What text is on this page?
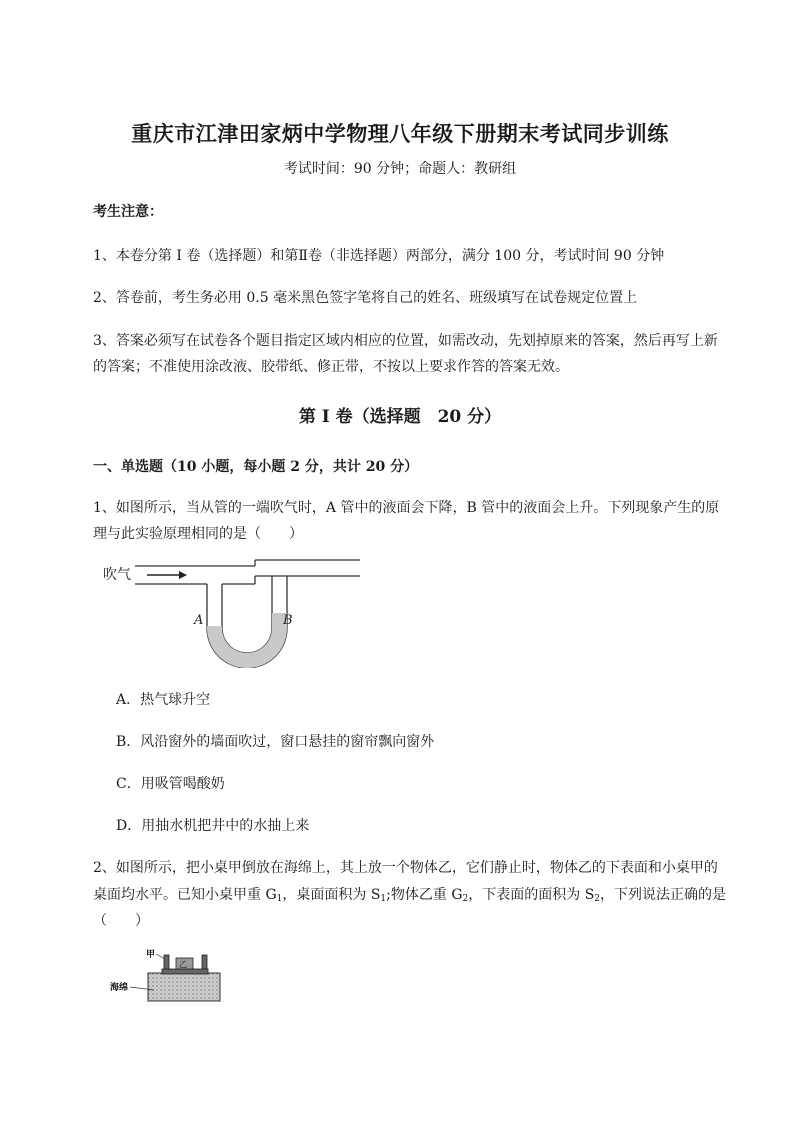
重庆市江津田家炳中学物理八年级下册期末考试同步训练
考试时间：90 分钟；命题人：教研组
考生注意：
1、本卷分第 I 卷（选择题）和第Ⅱ卷（非选择题）两部分，满分 100 分，考试时间 90 分钟
2、答卷前，考生务必用 0.5 毫米黑色签字笔将自己的姓名、班级填写在试卷规定位置上
3、答案必须写在试卷各个题目指定区域内相应的位置，如需改动，先划掉原来的答案，然后再写上新
的答案；不准使用涂改液、胶带纸、修正带，不按以上要求作答的答案无效。
第 I 卷（选择题　20 分）
一、单选题（10 小题，每小题 2 分，共计 20 分）
1、如图所示，当从管的一端吹气时，A 管中的液面会下降，B 管中的液面会上升。下列现象产生的原
理与此实验原理相同的是（　　）
吹气
A	B
A．热气球升空
B．风沿窗外的墙面吹过，窗口悬挂的窗帘飘向窗外
C．用吸管喝酸奶
D．用抽水机把井中的水抽上来
2、如图所示，把小桌甲倒放在海绵上，其上放一个物体乙，它们静止时，物体乙的下表面和小桌甲的
桌面均水平。已知小桌甲重 $G_1$，桌面面积为 $S_1$;物体乙重 $G_2$，下表面的面积为 $S_2$，下列说法正确的是
（　　）
乙
甲
海绵
